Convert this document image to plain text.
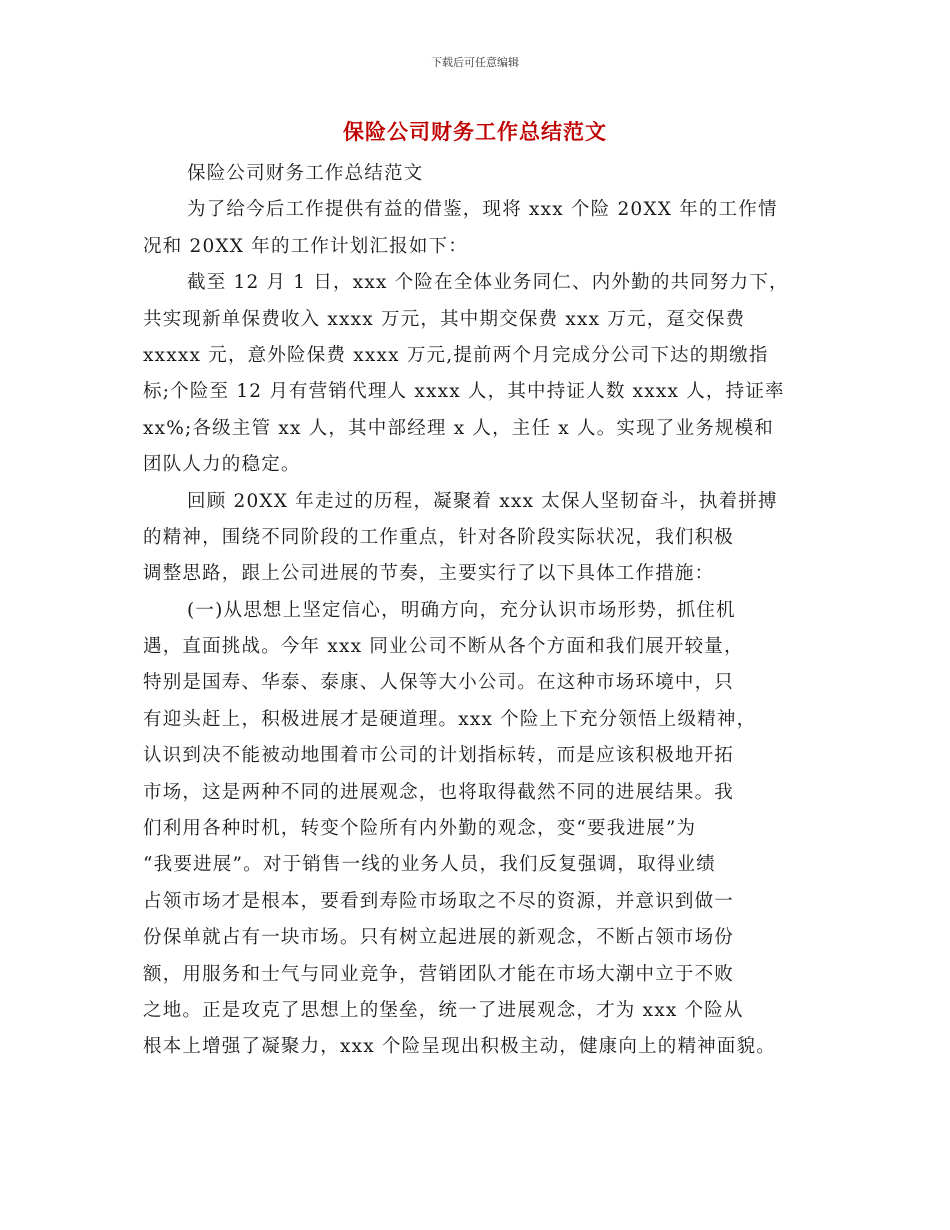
下载后可任意编辑
保险公司财务工作总结范文
保险公司财务工作总结范文
为了给今后工作提供有益的借鉴，现将 xxx 个险 20XX 年的工作情
况和 20XX 年的工作计划汇报如下：
截至 12 月 1 日，xxx 个险在全体业务同仁、内外勤的共同努力下，
共实现新单保费收入 xxxx 万元，其中期交保费 xxx 万元，趸交保费
xxxxx 元，意外险保费 xxxx 万元,提前两个月完成分公司下达的期缴指
标;个险至 12 月有营销代理人 xxxx 人，其中持证人数 xxxx 人，持证率
xx%;各级主管 xx 人，其中部经理 x 人，主任 x 人。实现了业务规模和
团队人力的稳定。
回顾 20XX 年走过的历程，凝聚着 xxx 太保人坚韧奋斗，执着拼搏
的精神，围绕不同阶段的工作重点，针对各阶段实际状况，我们积极
调整思路，跟上公司进展的节奏，主要实行了以下具体工作措施：
(一)从思想上坚定信心，明确方向，充分认识市场形势，抓住机
遇，直面挑战。今年 xxx 同业公司不断从各个方面和我们展开较量，
特别是国寿、华泰、泰康、人保等大小公司。在这种市场环境中，只
有迎头赶上，积极进展才是硬道理。xxx 个险上下充分领悟上级精神，
认识到决不能被动地围着市公司的计划指标转，而是应该积极地开拓
市场，这是两种不同的进展观念，也将取得截然不同的进展结果。我
们利用各种时机，转变个险所有内外勤的观念，变“要我进展”为
“我要进展”。对于销售一线的业务人员，我们反复强调，取得业绩
占领市场才是根本，要看到寿险市场取之不尽的资源，并意识到做一
份保单就占有一块市场。只有树立起进展的新观念，不断占领市场份
额，用服务和士气与同业竞争，营销团队才能在市场大潮中立于不败
之地。正是攻克了思想上的堡垒，统一了进展观念，才为 xxx 个险从
根本上增强了凝聚力，xxx 个险呈现出积极主动，健康向上的精神面貌。
